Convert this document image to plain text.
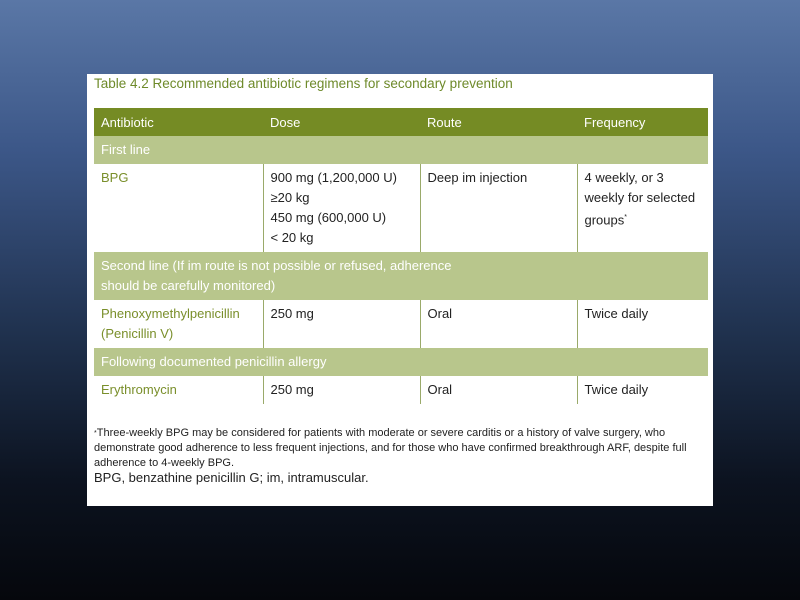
Table 4.2 Recommended antibiotic regimens for secondary prevention
Antibiotic	Dose	Route	Frequency
First line			
BPG	900 mg (1,200,000 U)
≥20 kg
450 mg (600,000 U)
< 20 kg	Deep im injection	4 weekly, or 3 weekly for selected groups*
Second line (If im route is not possible or refused, adherence should be carefully monitored)			
Phenoxymethylpenicillin (Penicillin V)	250 mg	Oral	Twice daily
Following documented penicillin allergy			
Erythromycin	250 mg	Oral	Twice daily
*Three-weekly BPG may be considered for patients with moderate or severe carditis or a history of valve surgery, who demonstrate good adherence to less frequent injections, and for those who have confirmed breakthrough ARF, despite full adherence to 4-weekly BPG.
BPG, benzathine penicillin G; im, intramuscular.
